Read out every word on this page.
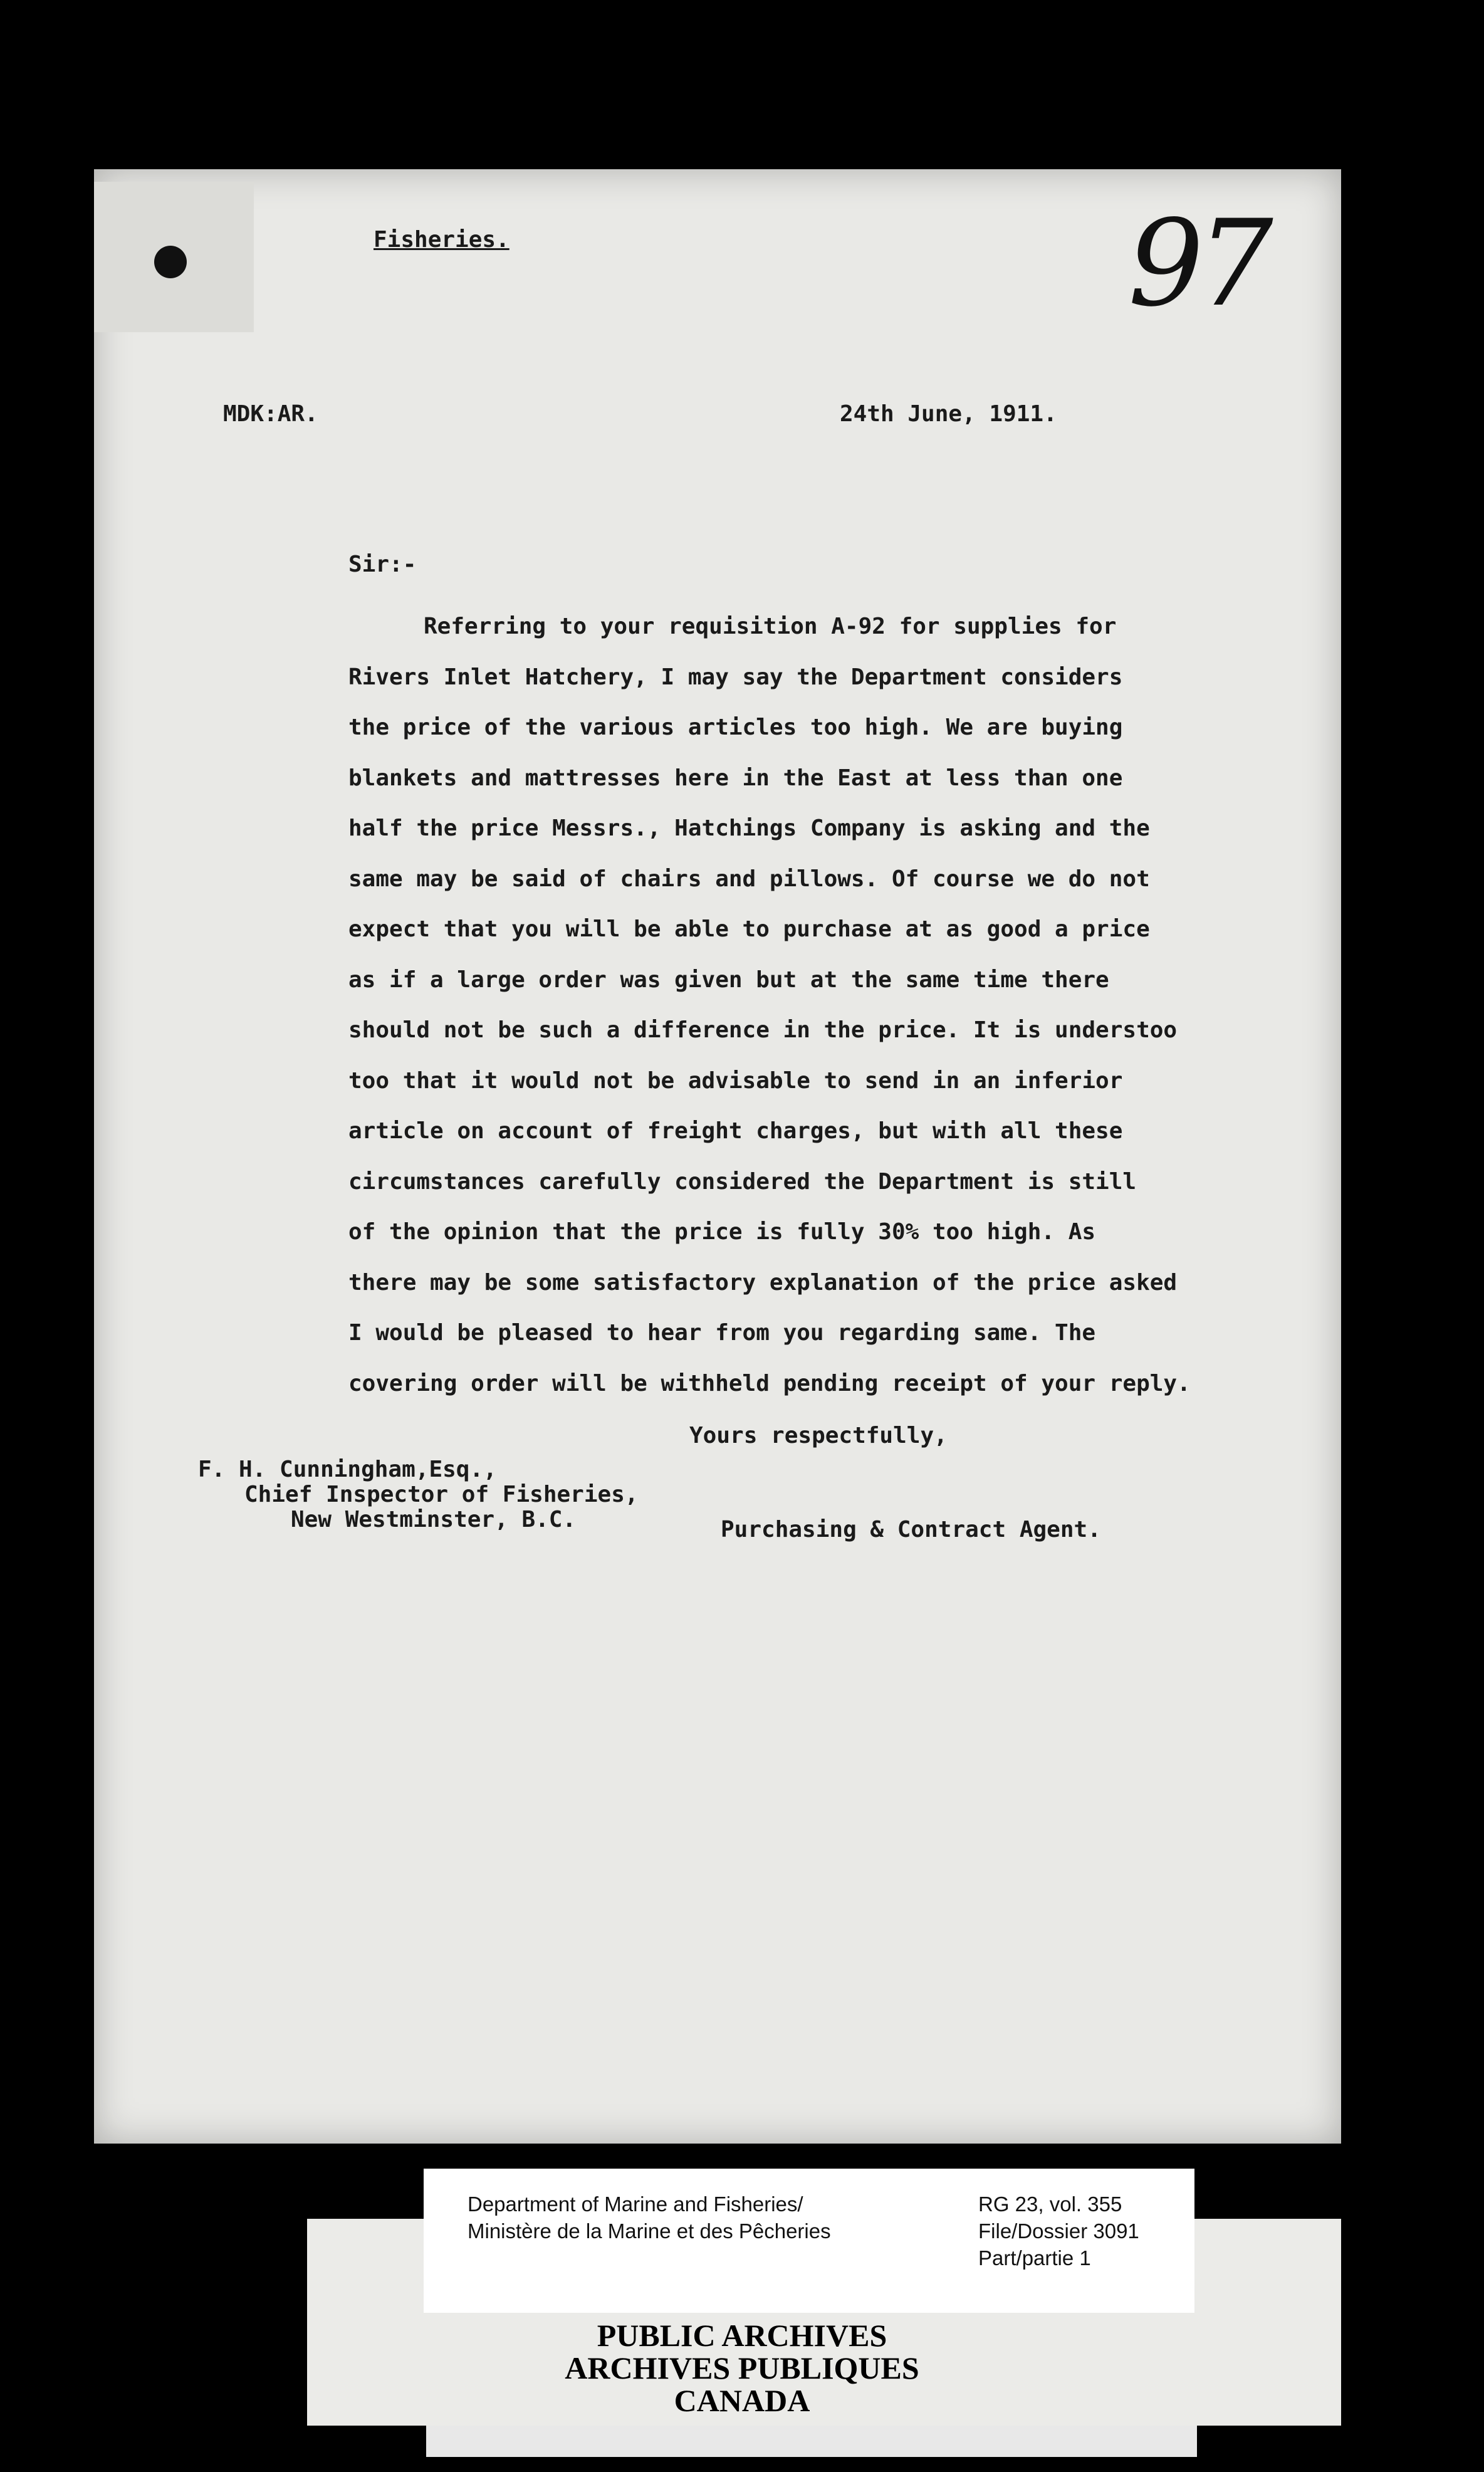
Fisheries.	97
MDK:AR.	24th June, 1911.
Sir:-
Referring to your requisition A-92 for supplies for
Rivers Inlet Hatchery, I may say the Department considers
the price of the various articles too high. We are buying
blankets and mattresses here in the East at less than one
half the price Messrs., Hatchings Company is asking and the
same may be said of chairs and pillows. Of course we do not
expect that you will be able to purchase at as good a price
as if a large order was given but at the same time there
should not be such a difference in the price. It is understoo
too that it would not be advisable to send in an inferior
article on account of freight charges, but with all these
circumstances carefully considered the Department is still
of the opinion that the price is fully 30% too high. As
there may be some satisfactory explanation of the price asked
I would be pleased to hear from you regarding same. The
covering order will be withheld pending receipt of your reply.
Yours respectfully,
F. H. Cunningham,Esq.,
Chief Inspector of Fisheries,
New Westminster, B.C.	Purchasing & Contract Agent.
Department of Marine and Fisheries/
Ministère de la Marine et des Pêcheries
RG 23, vol. 355
File/Dossier 3091
Part/partie 1
PUBLIC ARCHIVES
ARCHIVES PUBLIQUES
CANADA
